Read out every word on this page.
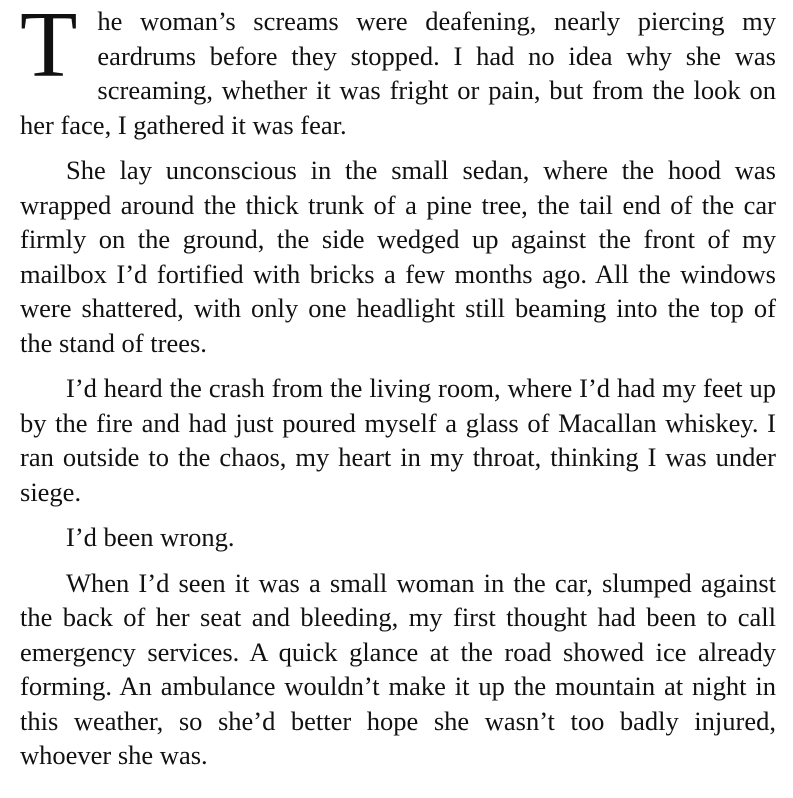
The woman’s screams were deafening, nearly piercing my eardrums before they stopped. I had no idea why she was screaming, whether it was fright or pain, but from the look on her face, I gathered it was fear.

She lay unconscious in the small sedan, where the hood was wrapped around the thick trunk of a pine tree, the tail end of the car firmly on the ground, the side wedged up against the front of my mailbox I’d fortified with bricks a few months ago. All the windows were shattered, with only one headlight still beaming into the top of the stand of trees.

I’d heard the crash from the living room, where I’d had my feet up by the fire and had just poured myself a glass of Macallan whiskey. I ran outside to the chaos, my heart in my throat, thinking I was under siege.

I’d been wrong.

When I’d seen it was a small woman in the car, slumped against the back of her seat and bleeding, my first thought had been to call emergency services. A quick glance at the road showed ice already forming. An ambulance wouldn’t make it up the mountain at night in this weather, so she’d better hope she wasn’t too badly injured, whoever she was.
